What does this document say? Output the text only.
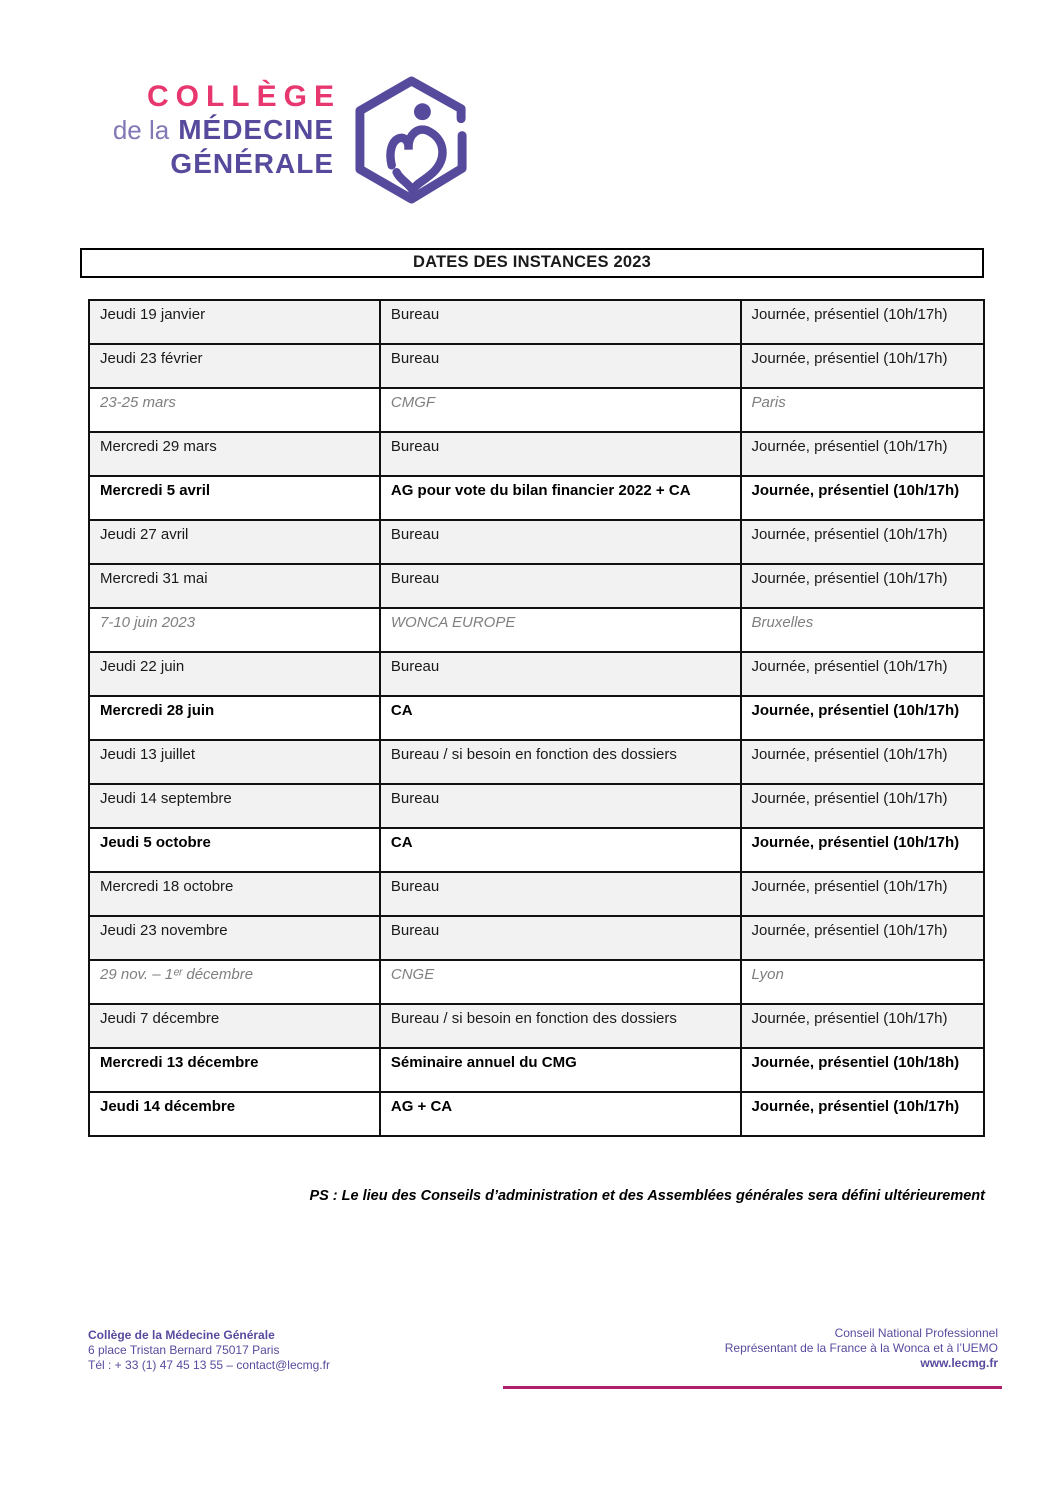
COLLÈGE
de la MÉDECINE
GÉNÉRALE
DATES DES INSTANCES 2023
Jeudi 19 janvier	Bureau	Journée, présentiel (10h/17h)
Jeudi 23 février	Bureau	Journée, présentiel (10h/17h)
23-25 mars	CMGF	Paris
Mercredi 29 mars	Bureau	Journée, présentiel (10h/17h)
Mercredi 5 avril	AG pour vote du bilan financier 2022 + CA	Journée, présentiel (10h/17h)
Jeudi 27 avril	Bureau	Journée, présentiel (10h/17h)
Mercredi 31 mai	Bureau	Journée, présentiel (10h/17h)
7-10 juin 2023	WONCA EUROPE	Bruxelles
Jeudi 22 juin	Bureau	Journée, présentiel (10h/17h)
Mercredi 28 juin	CA	Journée, présentiel (10h/17h)
Jeudi 13 juillet	Bureau / si besoin en fonction des dossiers	Journée, présentiel (10h/17h)
Jeudi 14 septembre	Bureau	Journée, présentiel (10h/17h)
Jeudi 5 octobre	CA	Journée, présentiel (10h/17h)
Mercredi 18 octobre	Bureau	Journée, présentiel (10h/17h)
Jeudi 23 novembre	Bureau	Journée, présentiel (10h/17h)
29 nov. – 1ᵉʳ décembre	CNGE	Lyon
Jeudi 7 décembre	Bureau / si besoin en fonction des dossiers	Journée, présentiel (10h/17h)
Mercredi 13 décembre	Séminaire annuel du CMG	Journée, présentiel (10h/18h)
Jeudi 14 décembre	AG + CA	Journée, présentiel (10h/17h)
PS : Le lieu des Conseils d’administration et des Assemblées générales sera défini ultérieurement
Collège de la Médecine Générale
6 place Tristan Bernard 75017 Paris
Tél : + 33 (1) 47 45 13 55 – contact@lecmg.fr
Conseil National Professionnel
Représentant de la France à la Wonca et à l’UEMO
www.lecmg.fr
